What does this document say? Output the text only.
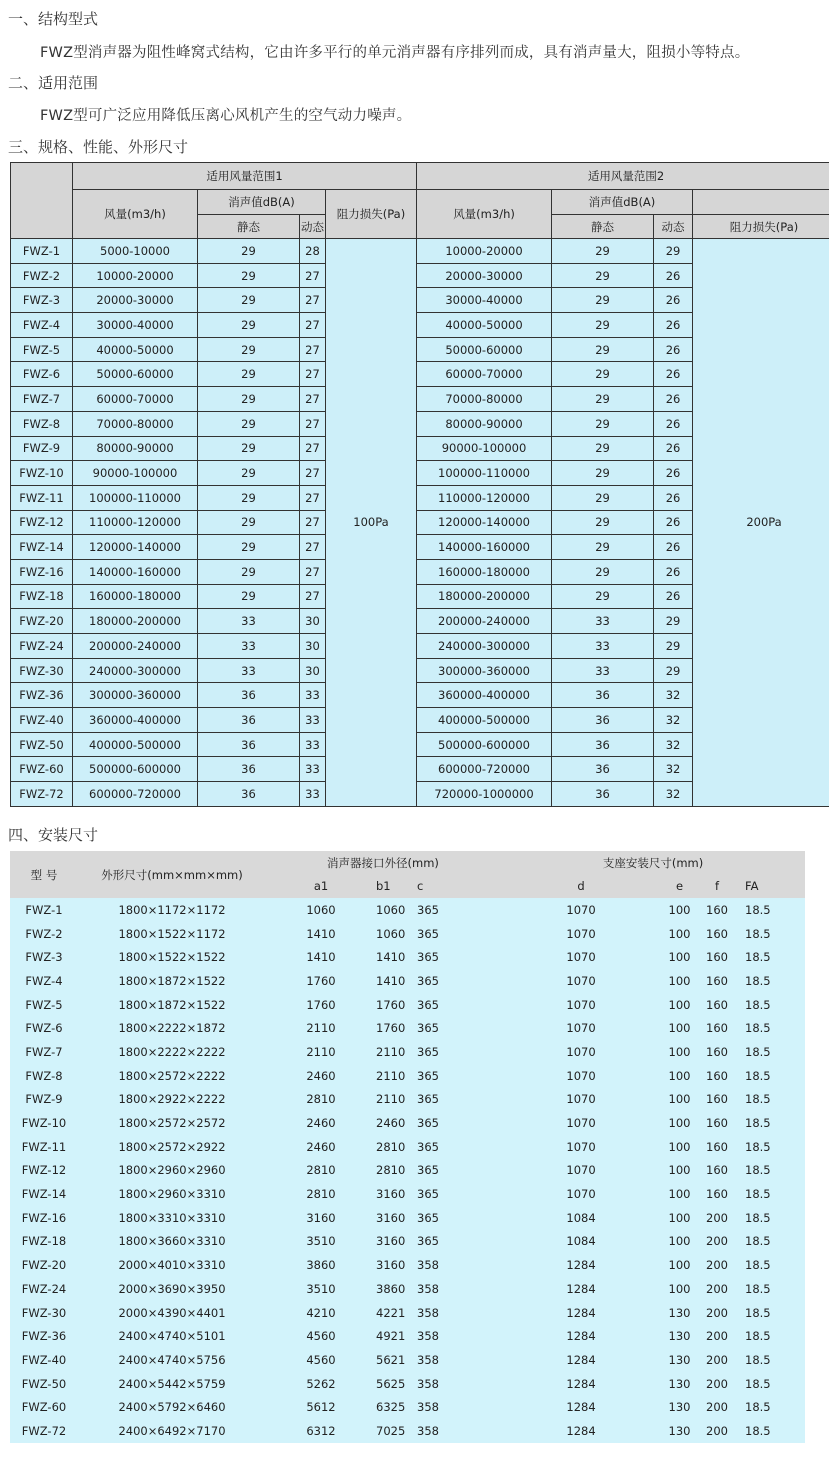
一、结构型式
FWZ型消声器为阻性峰窝式结构，它由许多平行的单元消声器有序排列而成，具有消声量大，阻损小等特点。
二、适用范围
FWZ型可广泛应用降低压离心风机产生的空气动力噪声。
三、规格、性能、外形尺寸
	适用风量范围1				适用风量范围2			
	风量(m3/h)	消声值dB(A)		阻力损失(Pa)	风量(m3/h)	消声值dB(A)		
		静态	动态			静态	动态	阻力损失(Pa)
FWZ-1	5000-10000	29	28	100Pa	10000-20000	29	29	200Pa
FWZ-2	10000-20000	29	27		20000-30000	29	26	
FWZ-3	20000-30000	29	27		30000-40000	29	26	
FWZ-4	30000-40000	29	27		40000-50000	29	26	
FWZ-5	40000-50000	29	27		50000-60000	29	26	
FWZ-6	50000-60000	29	27		60000-70000	29	26	
FWZ-7	60000-70000	29	27		70000-80000	29	26	
FWZ-8	70000-80000	29	27		80000-90000	29	26	
FWZ-9	80000-90000	29	27		90000-100000	29	26	
FWZ-10	90000-100000	29	27		100000-110000	29	26	
FWZ-11	100000-110000	29	27		110000-120000	29	26	
FWZ-12	110000-120000	29	27		120000-140000	29	26	
FWZ-14	120000-140000	29	27		140000-160000	29	26	
FWZ-16	140000-160000	29	27		160000-180000	29	26	
FWZ-18	160000-180000	29	27		180000-200000	29	26	
FWZ-20	180000-200000	33	30		200000-240000	33	29	
FWZ-24	200000-240000	33	30		240000-300000	33	29	
FWZ-30	240000-300000	33	30		300000-360000	33	29	
FWZ-36	300000-360000	36	33		360000-400000	36	32	
FWZ-40	360000-400000	36	33		400000-500000	36	32	
FWZ-50	400000-500000	36	33		500000-600000	36	32	
FWZ-60	500000-600000	36	33		600000-720000	36	32	
FWZ-72	600000-720000	36	33		720000-1000000	36	32	
四、安装尺寸
型 号	外形尺寸(mm×mm×mm)	消声器接口外径(mm)			支座安装尺寸(mm)			
		a1	b1	c	d	e	f	FA
FWZ-1	1800×1172×1172	1060	1060	365	1070	100	160	18.5
FWZ-2	1800×1522×1172	1410	1060	365	1070	100	160	18.5
FWZ-3	1800×1522×1522	1410	1410	365	1070	100	160	18.5
FWZ-4	1800×1872×1522	1760	1410	365	1070	100	160	18.5
FWZ-5	1800×1872×1522	1760	1760	365	1070	100	160	18.5
FWZ-6	1800×2222×1872	2110	1760	365	1070	100	160	18.5
FWZ-7	1800×2222×2222	2110	2110	365	1070	100	160	18.5
FWZ-8	1800×2572×2222	2460	2110	365	1070	100	160	18.5
FWZ-9	1800×2922×2222	2810	2110	365	1070	100	160	18.5
FWZ-10	1800×2572×2572	2460	2460	365	1070	100	160	18.5
FWZ-11	1800×2572×2922	2460	2810	365	1070	100	160	18.5
FWZ-12	1800×2960×2960	2810	2810	365	1070	100	160	18.5
FWZ-14	1800×2960×3310	2810	3160	365	1070	100	160	18.5
FWZ-16	1800×3310×3310	3160	3160	365	1084	100	200	18.5
FWZ-18	1800×3660×3310	3510	3160	365	1084	100	200	18.5
FWZ-20	2000×4010×3310	3860	3160	358	1284	100	200	18.5
FWZ-24	2000×3690×3950	3510	3860	358	1284	100	200	18.5
FWZ-30	2000×4390×4401	4210	4221	358	1284	130	200	18.5
FWZ-36	2400×4740×5101	4560	4921	358	1284	130	200	18.5
FWZ-40	2400×4740×5756	4560	5621	358	1284	130	200	18.5
FWZ-50	2400×5442×5759	5262	5625	358	1284	130	200	18.5
FWZ-60	2400×5792×6460	5612	6325	358	1284	130	200	18.5
FWZ-72	2400×6492×7170	6312	7025	358	1284	130	200	18.5
